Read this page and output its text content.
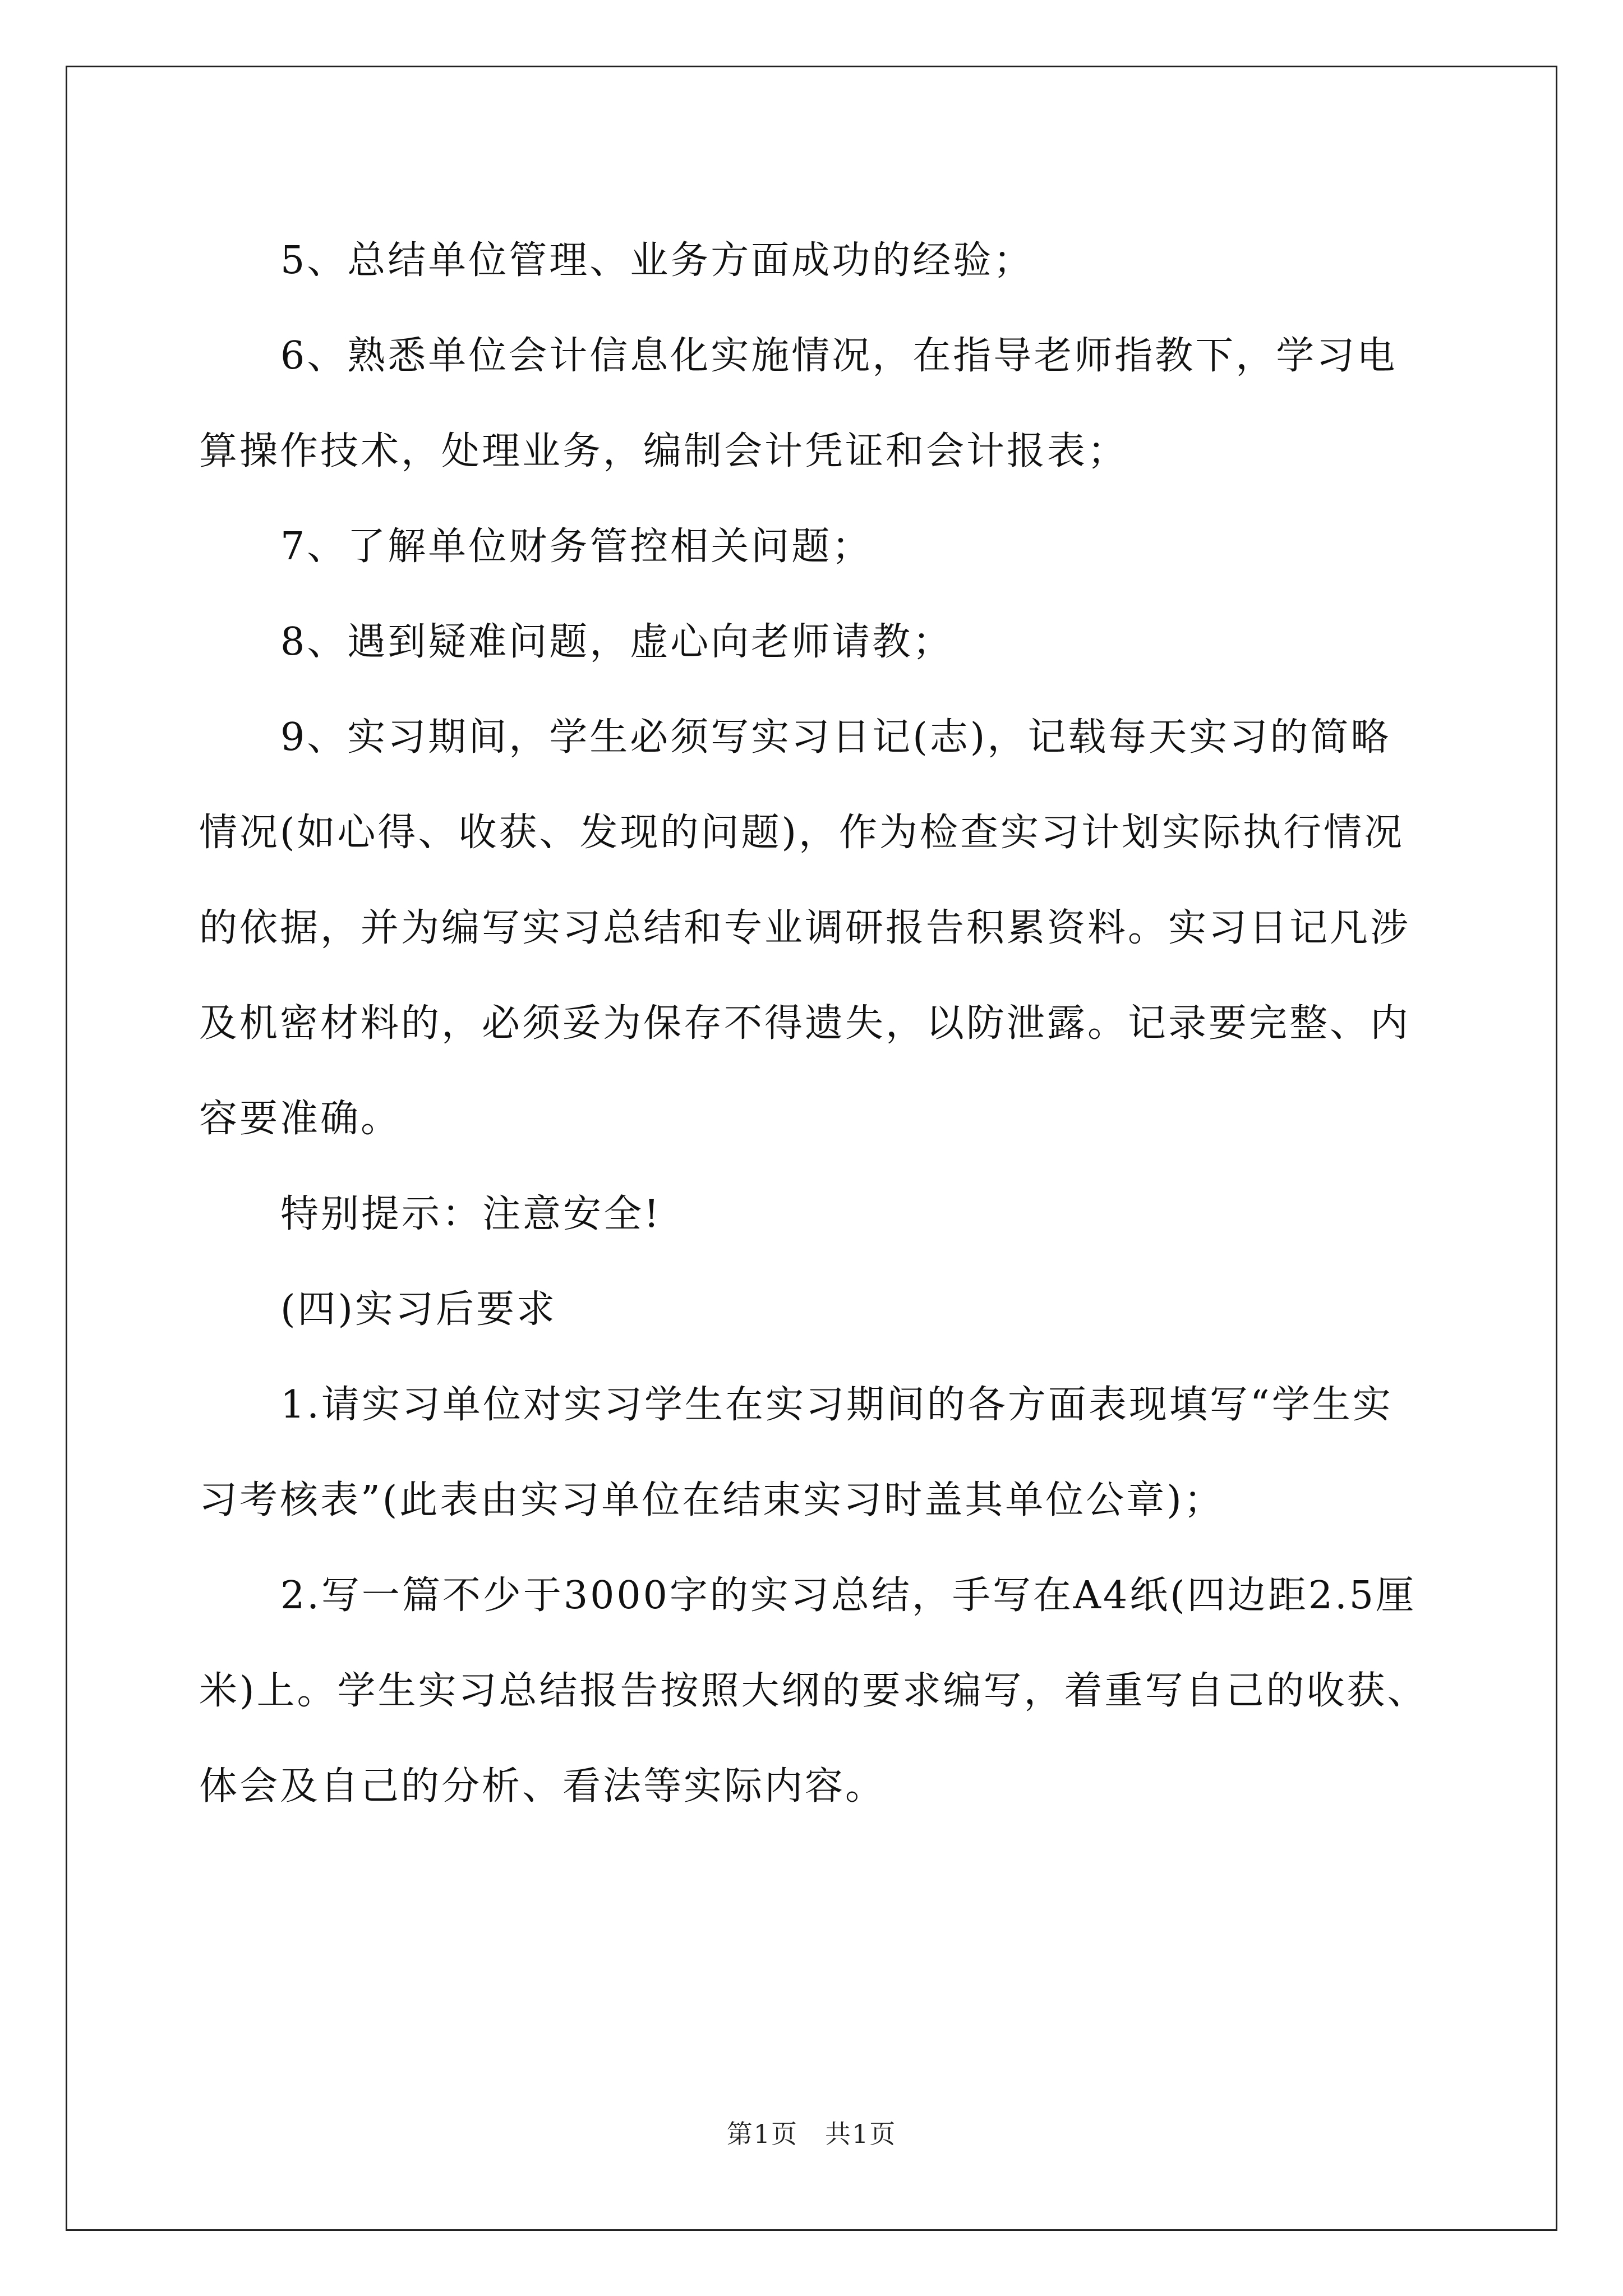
5、总结单位管理、业务方面成功的经验；

6、熟悉单位会计信息化实施情况，在指导老师指教下，学习电算操作技术，处理业务，编制会计凭证和会计报表；

7、了解单位财务管控相关问题；

8、遇到疑难问题，虚心向老师请教；

9、实习期间，学生必须写实习日记(志)，记载每天实习的简略情况(如心得、收获、发现的问题)，作为检查实习计划实际执行情况的依据，并为编写实习总结和专业调研报告积累资料。实习日记凡涉及机密材料的，必须妥为保存不得遗失，以防泄露。记录要完整、内容要准确。

特别提示：注意安全!

(四)实习后要求

1.请实习单位对实习学生在实习期间的各方面表现填写“学生实习考核表”(此表由实习单位在结束实习时盖其单位公章)；

2.写一篇不少于3000字的实习总结，手写在A4纸(四边距2.5厘米)上。学生实习总结报告按照大纲的要求编写，着重写自己的收获、体会及自己的分析、看法等实际内容。

第1页　共1页
